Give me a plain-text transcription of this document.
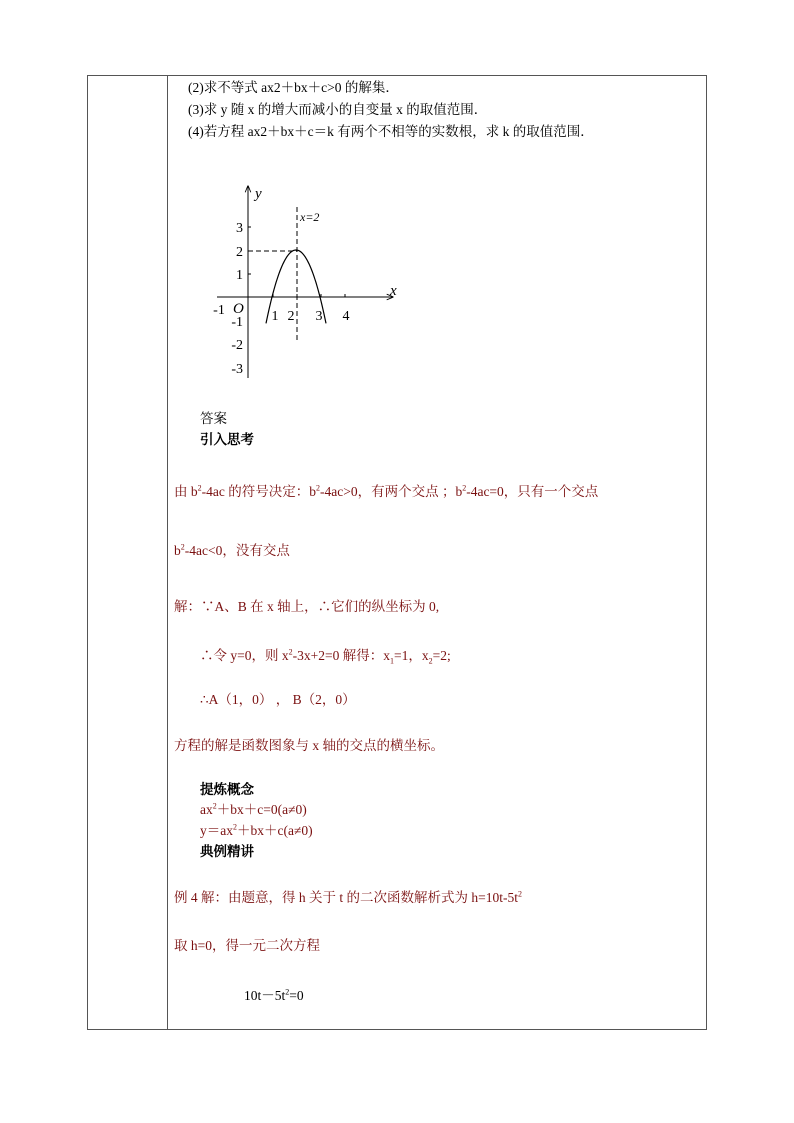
(2)求不等式 ax2＋bx＋c>0 的解集．
(3)求 y 随 x 的增大而减小的自变量 x 的取值范围．
(4)若方程 ax2＋bx＋c＝k 有两个不相等的实数根，求 k 的取值范围．
y
x
O
x=2
3
2
1
-1
-2
-3
-1	1 2 3 4
答案
引入思考
由 $b^2-4ac$ 的符号决定：$b^2-4ac>0$，有两个交点 ；$b^2-4ac=0$，只有一个交点
$b^2-4ac<0$，没有交点
解：∵A、B 在 x 轴上，∴它们的纵坐标为 0,
∴令 y=0，则 $x^2-3x+2=0$ 解得：$x_1=1$，$x_2=2$;
∴A（1，0） ， B（2，0）
方程的解是函数图象与 x 轴的交点的横坐标。
提炼概念
$ax^2+bx+c=0(a\ne 0)$
$y=ax^2+bx+c(a\ne 0)$
典例精讲
例 4 解：由题意，得 h 关于 t 的二次函数解析式为 $h=10t-5t^2$
取 h=0，得一元二次方程
$10t-5t^2=0$
